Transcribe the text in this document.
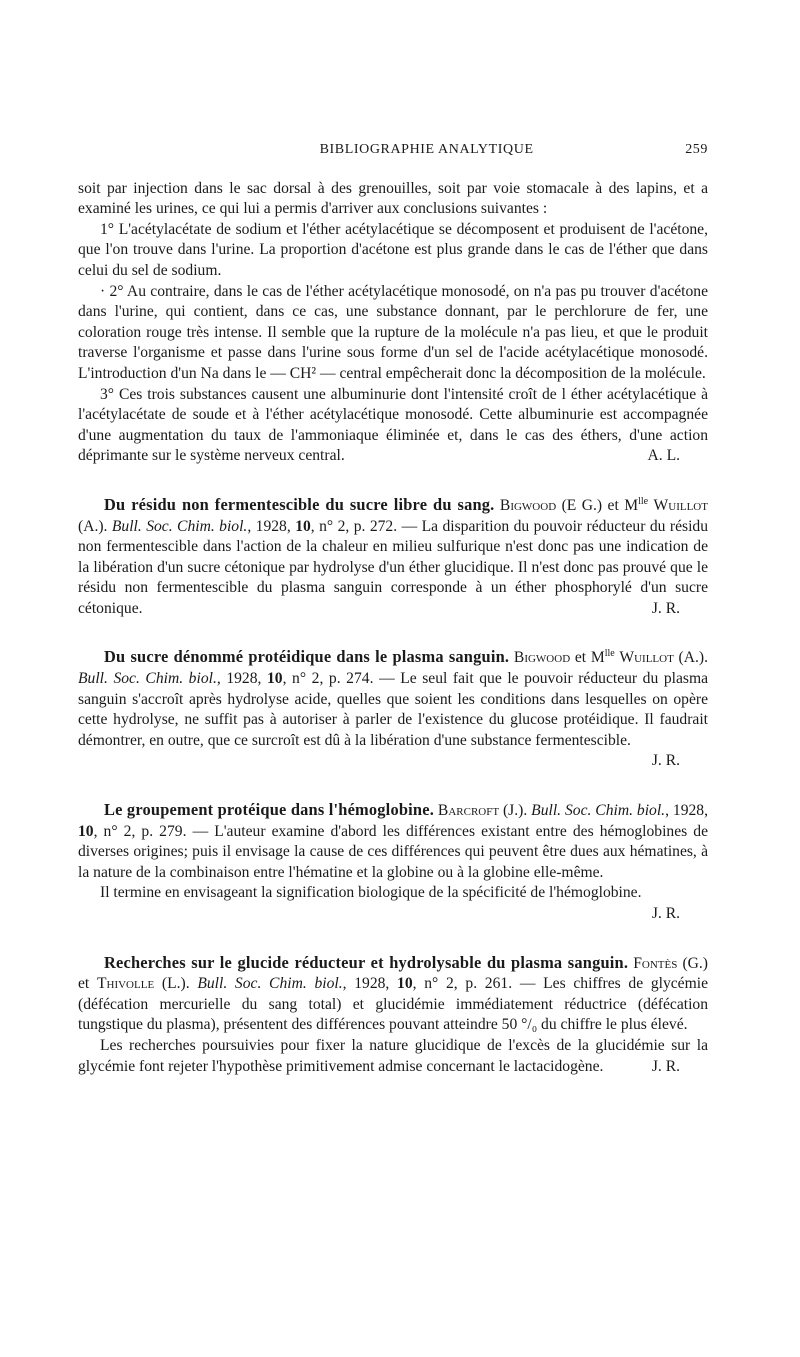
BIBLIOGRAPHIE ANALYTIQUE	259

soit par injection dans le sac dorsal à des grenouilles, soit par voie stomacale à des lapins, et a examiné les urines, ce qui lui a permis d'arriver aux conclusions suivantes :

1° L'acétylacétate de sodium et l'éther acétylacétique se décomposent et produisent de l'acétone, que l'on trouve dans l'urine. La proportion d'acétone est plus grande dans le cas de l'éther que dans celui du sel de sodium.

· 2° Au contraire, dans le cas de l'éther acétylacétique monosodé, on n'a pas pu trouver d'acétone dans l'urine, qui contient, dans ce cas, une substance donnant, par le perchlorure de fer, une coloration rouge très intense. Il semble que la rupture de la molécule n'a pas lieu, et que le produit traverse l'organisme et passe dans l'urine sous forme d'un sel de l'acide acétylacétique monosodé. L'introduction d'un Na dans le — CH² — central empêcherait donc la décomposition de la molécule.

3° Ces trois substances causent une albuminurie dont l'intensité croît de l éther acétylacétique à l'acétylacétate de soude et à l'éther acétylacétique monosodé. Cette albuminurie est accompagnée d'une augmentation du taux de l'ammoniaque éliminée et, dans le cas des éthers, d'une action déprimante sur le système nerveux central.	A. L.

Du résidu non fermentescible du sucre libre du sang. Bigwood (E G.) et $M^{lle}$ Wuillot (A.). Bull. Soc. Chim. biol., 1928, 10, n° 2, p. 272. — La disparition du pouvoir réducteur du résidu non fermentescible dans l'action de la chaleur en milieu sulfurique n'est donc pas une indication de la libération d'un sucre cétonique par hydrolyse d'un éther glucidique. Il n'est donc pas prouvé que le résidu non fermentescible du plasma sanguin corresponde à un éther phosphorylé d'un sucre cétonique.	J. R.

Du sucre dénommé protéidique dans le plasma sanguin. Bigwood et $M^{lle}$ Wuillot (A.). Bull. Soc. Chim. biol., 1928, 10, n° 2, p. 274. — Le seul fait que le pouvoir réducteur du plasma sanguin s'accroît après hydrolyse acide, quelles que soient les conditions dans lesquelles on opère cette hydrolyse, ne suffit pas à autoriser à parler de l'existence du glucose protéidique. Il faudrait démontrer, en outre, que ce surcroît est dû à la libération d'une substance fermentescible.
J. R.

Le groupement protéique dans l'hémoglobine. Barcroft (J.). Bull. Soc. Chim. biol., 1928, 10, n° 2, p. 279. — L'auteur examine d'abord les différences existant entre des hémoglobines de diverses origines; puis il envisage la cause de ces différences qui peuvent être dues aux hématines, à la nature de la combinaison entre l'hématine et la globine ou à la globine elle-même.

Il termine en envisageant la signification biologique de la spécificité de l'hémoglobine.
J. R.

Recherches sur le glucide réducteur et hydrolysable du plasma sanguin. Fontès (G.) et Thivolle (L.). Bull. Soc. Chim. biol., 1928, 10, n° 2, p. 261. — Les chiffres de glycémie (défécation mercurielle du sang total) et glucidémie immédiatement réductrice (défécation tungstique du plasma), présentent des différences pouvant atteindre 50 °/₀ du chiffre le plus élevé.

Les recherches poursuivies pour fixer la nature glucidique de l'excès de la glucidémie sur la glycémie font rejeter l'hypothèse primitivement admise concernant le lactacidogène.	J. R.
